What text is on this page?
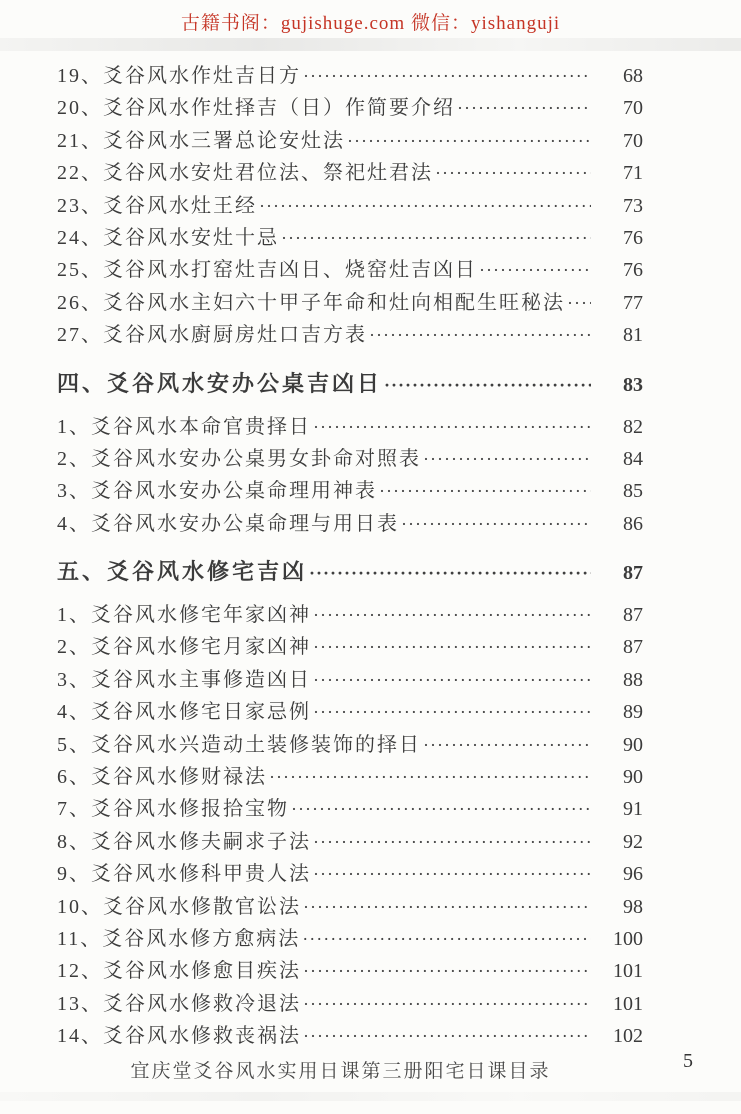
古籍书阁：gujishuge.com 微信：yishanguji
19、爻谷风水作灶吉日方 ·····	68
20、爻谷风水作灶择吉（日）作简要介绍 ·····	70
21、爻谷风水三署总论安灶法 ·····	70
22、爻谷风水安灶君位法、祭祀灶君法 ·····	71
23、爻谷风水灶王经 ·····	73
24、爻谷风水安灶十忌 ·····	76
25、爻谷风水打窑灶吉凶日、烧窑灶吉凶日 ·····	76
26、爻谷风水主妇六十甲子年命和灶向相配生旺秘法 ·····	77
27、爻谷风水廚厨房灶口吉方表 ·····	81
四、爻谷风水安办公桌吉凶日 ·····	83
1、爻谷风水本命官贵择日 ·····	82
2、爻谷风水安办公桌男女卦命对照表 ·····	84
3、爻谷风水安办公桌命理用神表 ·····	85
4、爻谷风水安办公桌命理与用日表 ·····	86
五、爻谷风水修宅吉凶 ·····	87
1、爻谷风水修宅年家凶神 ·····	87
2、爻谷风水修宅月家凶神 ·····	87
3、爻谷风水主事修造凶日 ·····	88
4、爻谷风水修宅日家忌例 ·····	89
5、爻谷风水兴造动土装修装饰的择日 ·····	90
6、爻谷风水修财禄法 ·····	90
7、爻谷风水修报拾宝物 ·····	91
8、爻谷风水修夫嗣求子法 ·····	92
9、爻谷风水修科甲贵人法 ·····	96
10、爻谷风水修散官讼法 ·····	98
11、爻谷风水修方愈病法 ·····	100
12、爻谷风水修愈目疾法 ·····	101
13、爻谷风水修救冷退法 ·····	101
14、爻谷风水修救丧祸法 ·····	102
宜庆堂爻谷风水实用日课第三册阳宅日课目录	5
